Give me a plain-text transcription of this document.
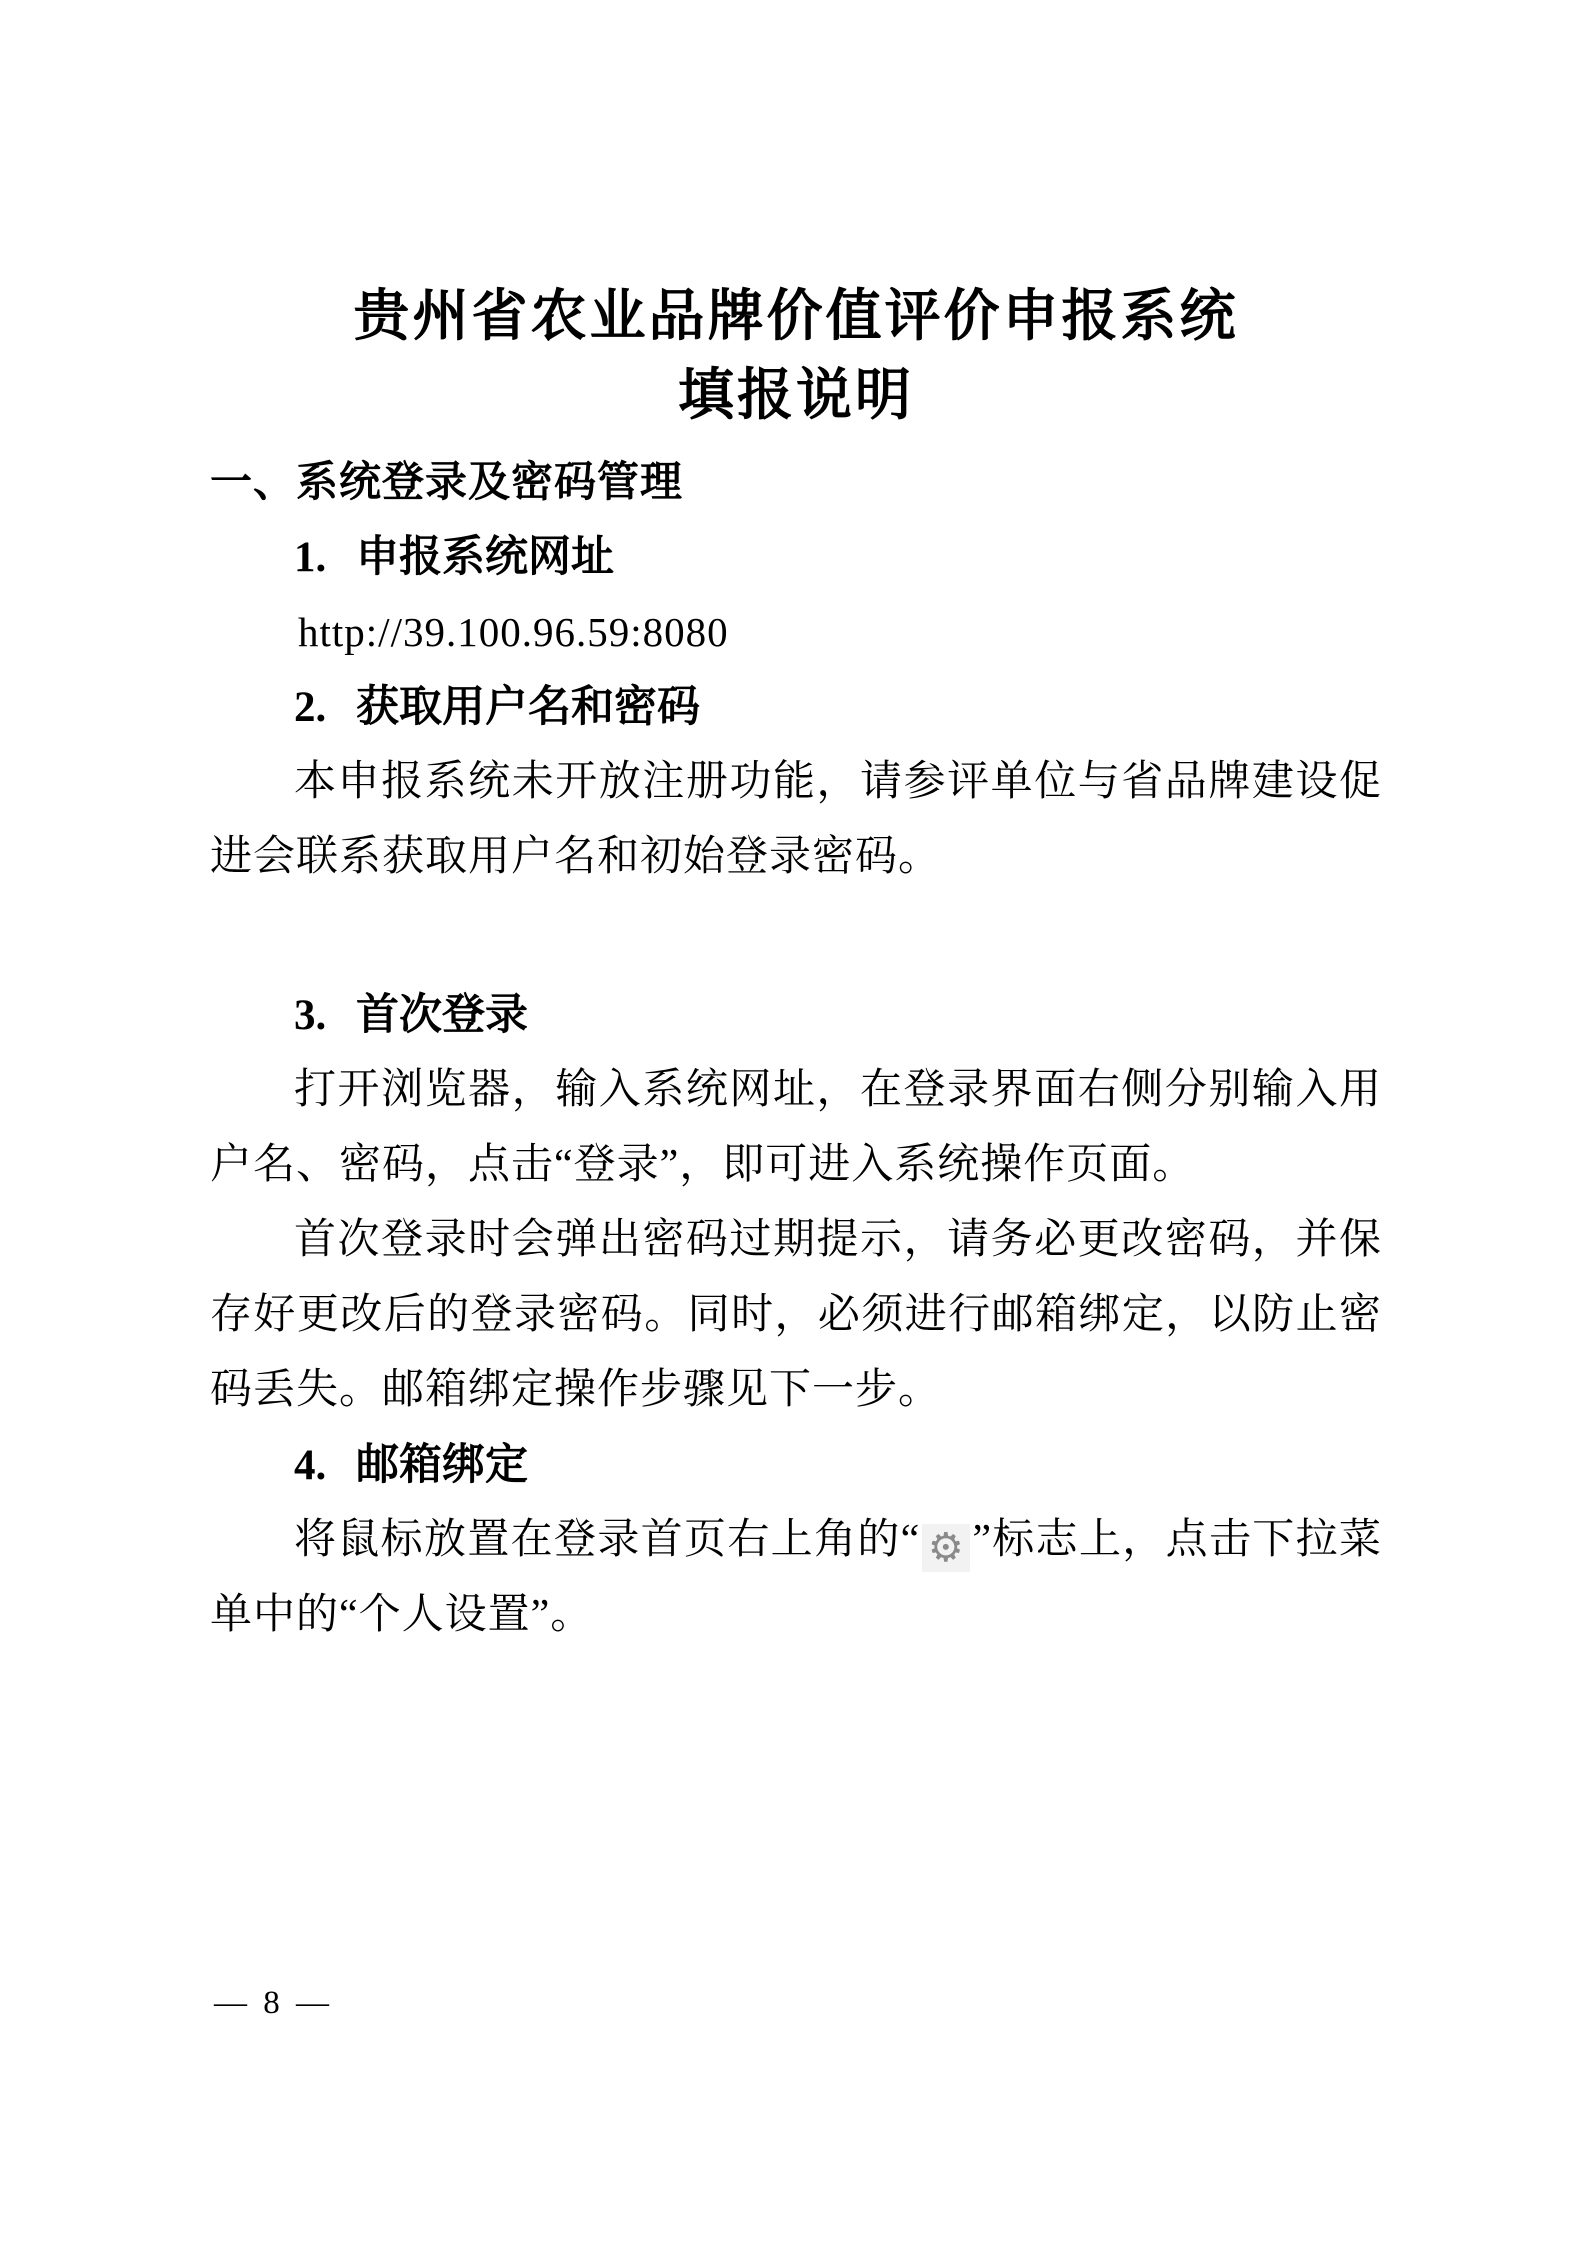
贵州省农业品牌价值评价申报系统
填报说明
一、系统登录及密码管理
1. 申报系统网址

http://39.100.96.59:8080

2. 获取用户名和密码

本申报系统未开放注册功能，请参评单位与省品牌建设促进会联系获取用户名和初始登录密码。

3. 首次登录

打开浏览器，输入系统网址，在登录界面右侧分别输入用户名、密码，点击“登录”，即可进入系统操作页面。

首次登录时会弹出密码过期提示，请务必更改密码，并保存好更改后的登录密码。同时，必须进行邮箱绑定，以防止密码丢失。邮箱绑定操作步骤见下一步。

4. 邮箱绑定

将鼠标放置在登录首页右上角的“ ⚙ ”标志上，点击下拉菜单中的“个人设置”。

— 8 —
